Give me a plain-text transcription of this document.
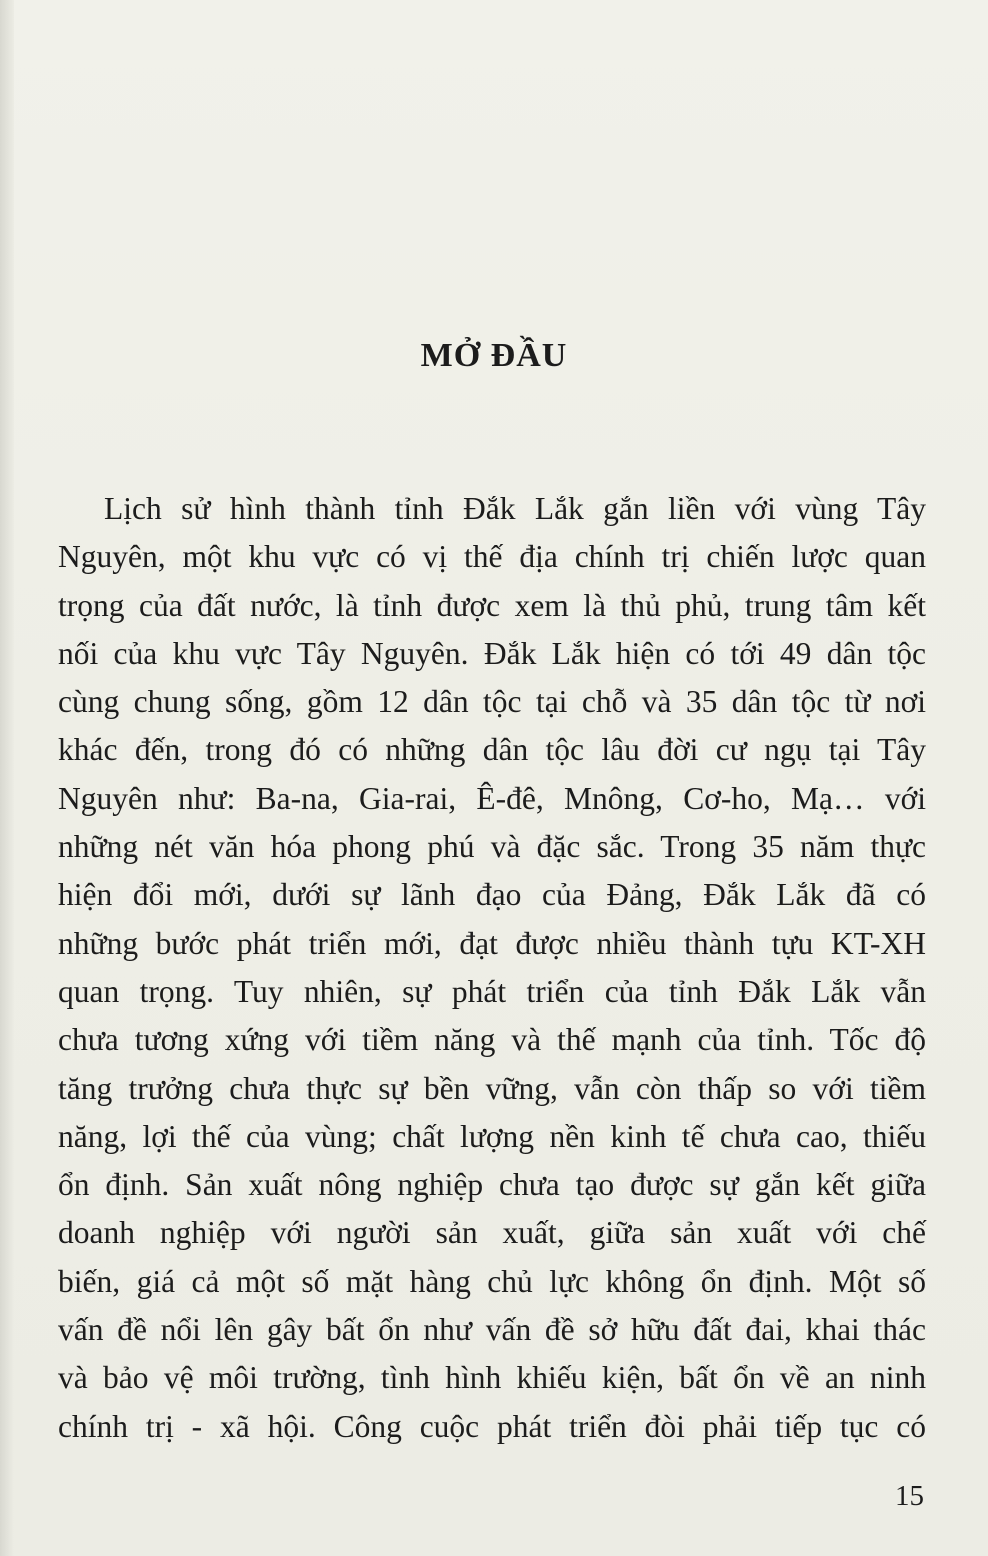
MỞ ĐẦU
Lịch sử hình thành tỉnh Đắk Lắk gắn liền với vùng Tây
Nguyên, một khu vực có vị thế địa chính trị chiến lược quan
trọng của đất nước, là tỉnh được xem là thủ phủ, trung tâm kết
nối của khu vực Tây Nguyên. Đắk Lắk hiện có tới 49 dân tộc
cùng chung sống, gồm 12 dân tộc tại chỗ và 35 dân tộc từ nơi
khác đến, trong đó có những dân tộc lâu đời cư ngụ tại Tây
Nguyên như: Ba-na, Gia-rai, Ê-đê, Mnông, Cơ-ho, Mạ… với
những nét văn hóa phong phú và đặc sắc. Trong 35 năm thực
hiện đổi mới, dưới sự lãnh đạo của Đảng, Đắk Lắk đã có
những bước phát triển mới, đạt được nhiều thành tựu KT-XH
quan trọng. Tuy nhiên, sự phát triển của tỉnh Đắk Lắk vẫn
chưa tương xứng với tiềm năng và thế mạnh của tỉnh. Tốc độ
tăng trưởng chưa thực sự bền vững, vẫn còn thấp so với tiềm
năng, lợi thế của vùng; chất lượng nền kinh tế chưa cao, thiếu
ổn định. Sản xuất nông nghiệp chưa tạo được sự gắn kết giữa
doanh nghiệp với người sản xuất, giữa sản xuất với chế
biến, giá cả một số mặt hàng chủ lực không ổn định. Một số
vấn đề nổi lên gây bất ổn như vấn đề sở hữu đất đai, khai thác
và bảo vệ môi trường, tình hình khiếu kiện, bất ổn về an ninh
chính trị - xã hội. Công cuộc phát triển đòi phải tiếp tục có
15
